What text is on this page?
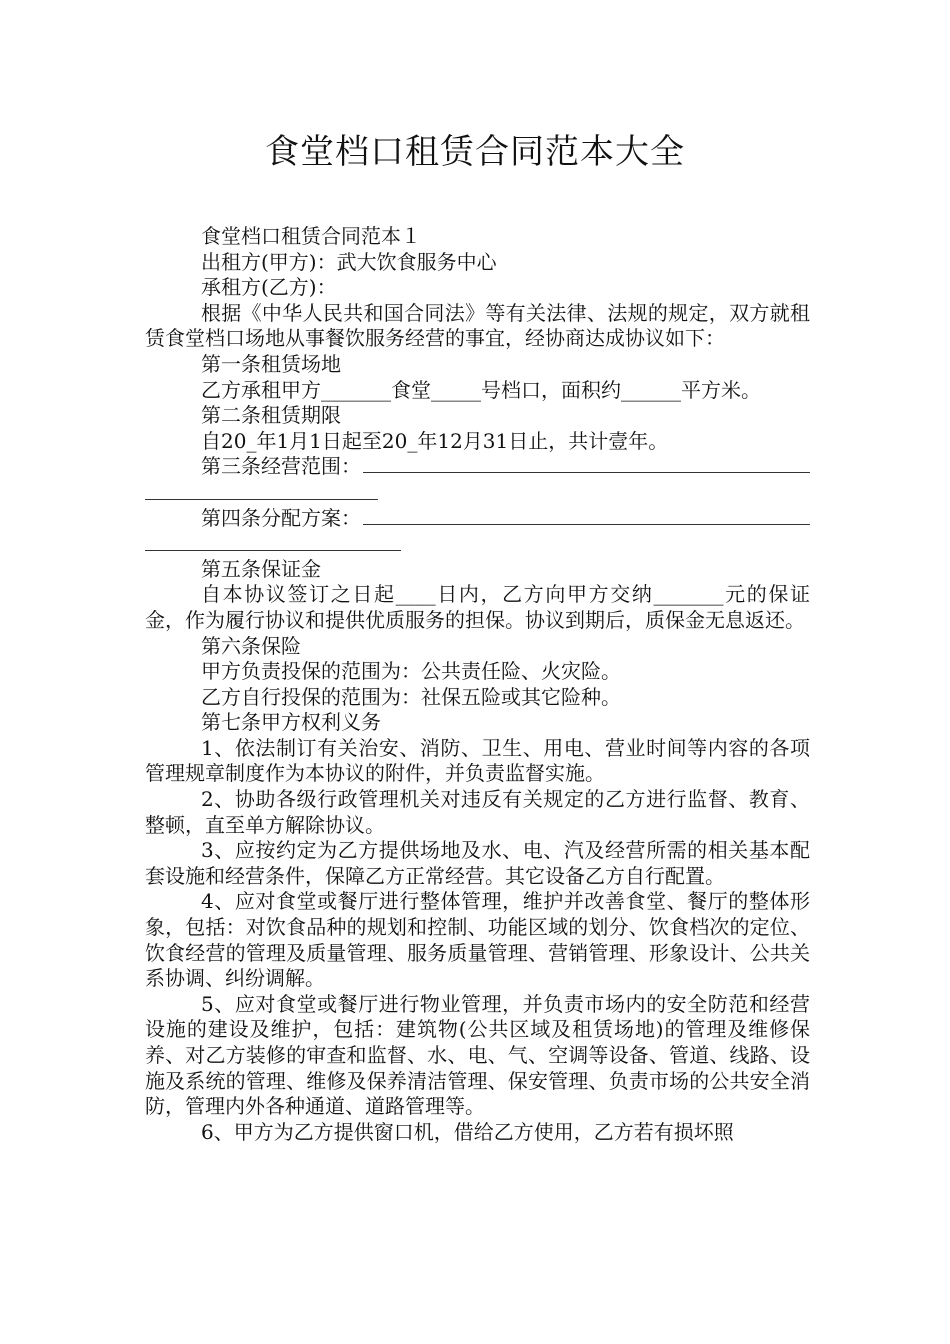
食堂档口租赁合同范本大全

食堂档口租赁合同范本１

出租方(甲方)：武大饮食服务中心

承租方(乙方)：

根据《中华人民共和国合同法》等有关法律、法规的规定，双方就租赁食堂档口场地从事餐饮服务经营的事宜，经协商达成协议如下：

第一条租赁场地

乙方承租甲方_______食堂_____号档口，面积约______平方米。

第二条租赁期限

自20_年1月1日起至20_年12月31日止，共计壹年。

第三条经营范围：
第四条分配方案：

第五条保证金

自本协议签订之日起____日内，乙方向甲方交纳_______元的保证金，作为履行协议和提供优质服务的担保。协议到期后，质保金无息返还。

第六条保险

甲方负责投保的范围为：公共责任险、火灾险。

乙方自行投保的范围为：社保五险或其它险种。

第七条甲方权利义务

1、依法制订有关治安、消防、卫生、用电、营业时间等内容的各项管理规章制度作为本协议的附件，并负责监督实施。

2、协助各级行政管理机关对违反有关规定的乙方进行监督、教育、整顿，直至单方解除协议。

3、应按约定为乙方提供场地及水、电、汽及经营所需的相关基本配套设施和经营条件，保障乙方正常经营。其它设备乙方自行配置。

4、应对食堂或餐厅进行整体管理，维护并改善食堂、餐厅的整体形象，包括：对饮食品种的规划和控制、功能区域的划分、饮食档次的定位、饮食经营的管理及质量管理、服务质量管理、营销管理、形象设计、公共关系协调、纠纷调解。

5、应对食堂或餐厅进行物业管理，并负责市场内的安全防范和经营设施的建设及维护，包括：建筑物(公共区域及租赁场地)的管理及维修保养、对乙方装修的审查和监督、水、电、气、空调等设备、管道、线路、设施及系统的管理、维修及保养清洁管理、保安管理、负责市场的公共安全消防，管理内外各种通道、道路管理等。

6、甲方为乙方提供窗口机，借给乙方使用，乙方若有损坏照
